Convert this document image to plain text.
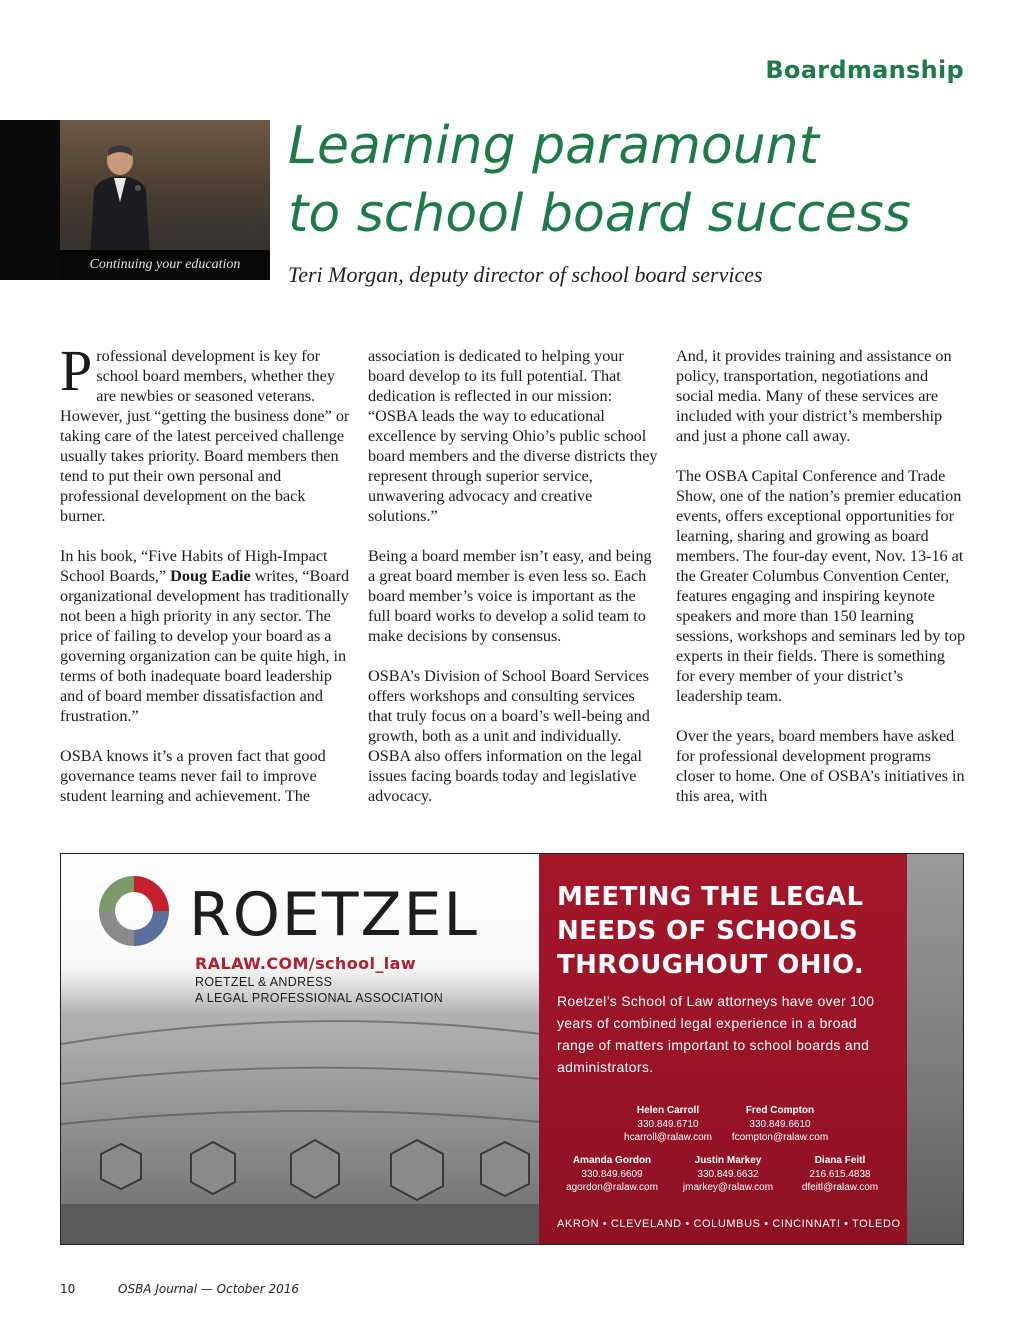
Boardmanship
Continuing your education
Learning paramount
to school board success
Teri Morgan, deputy director of school board services

Professional development is key for school board members, whether they are newbies or seasoned veterans. However, just “getting the business done” or taking care of the latest perceived challenge usually takes priority. Board members then tend to put their own personal and professional development on the back burner.

In his book, “Five Habits of High-Impact School Boards,” Doug Eadie writes, “Board organizational development has traditionally not been a high priority in any sector. The price of failing to develop your board as a governing organization can be quite high, in terms of both inadequate board leadership and of board member dissatisfaction and frustration.”

OSBA knows it’s a proven fact that good governance teams never fail to improve student learning and achievement. The

association is dedicated to helping your board develop to its full potential. That dedication is reflected in our mission: “OSBA leads the way to educational excellence by serving Ohio’s public school board members and the diverse districts they represent through superior service, unwavering advocacy and creative solutions.”

Being a board member isn’t easy, and being a great board member is even less so. Each board member’s voice is important as the full board works to develop a solid team to make decisions by consensus.

OSBA’s Division of School Board Services offers workshops and consulting services that truly focus on a board’s well-being and growth, both as a unit and individually. OSBA also offers information on the legal issues facing boards today and legislative advocacy.

And, it provides training and assistance on policy, transportation, negotiations and social media. Many of these services are included with your district’s membership and just a phone call away.

The OSBA Capital Conference and Trade Show, one of the nation’s premier education events, offers exceptional opportunities for learning, sharing and growing as board members. The four-day event, Nov. 13-16 at the Greater Columbus Convention Center, features engaging and inspiring keynote speakers and more than 150 learning sessions, workshops and seminars led by top experts in their fields. There is something for every member of your district’s leadership team.

Over the years, board members have asked for professional development programs closer to home. One of OSBA’s initiatives in this area, with

ROETZEL
RALAW.COM/school_law
ROETZEL & ANDRESS
A LEGAL PROFESSIONAL ASSOCIATION
MEETING THE LEGAL
NEEDS OF SCHOOLS
THROUGHOUT OHIO.
Roetzel’s School of Law attorneys have over 100 years of combined legal experience in a broad range of matters important to school boards and administrators.
Helen Carroll
330.849.6710
hcarroll@ralaw.com
Fred Compton
330.849.6610
fcompton@ralaw.com
Amanda Gordon
330.849.6609
agordon@ralaw.com
Justin Markey
330.849.6632
jmarkey@ralaw.com
Diana Feitl
216.615.4838
dfeitl@ralaw.com
AKRON • CLEVELAND • COLUMBUS • CINCINNATI • TOLEDO
10	OSBA Journal — October 2016
